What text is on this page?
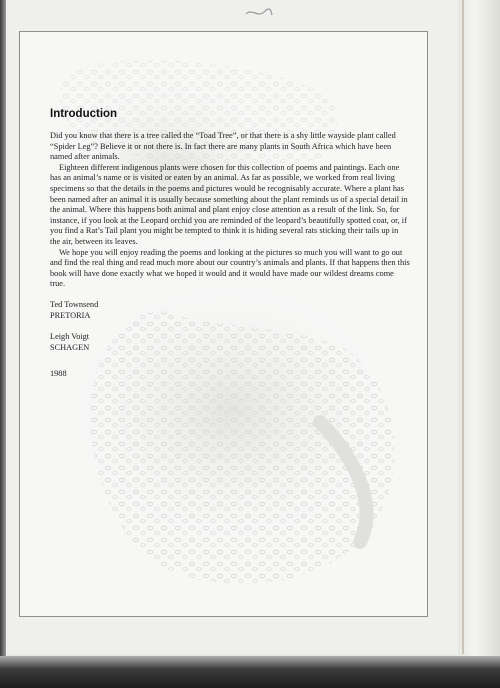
Introduction

Did you know that there is a tree called the “Toad Tree”, or that there is a shy little wayside plant called “Spider Leg”? Believe it or not there is. In fact there are many plants in South Africa which have been named after animals.

Eighteen different indigenous plants were chosen for this collection of poems and paintings. Each one has an animal’s name or is visited or eaten by an animal. As far as possible, we worked from real living specimens so that the details in the poems and pictures would be recognisably accurate. Where a plant has been named after an animal it is usually because something about the plant reminds us of a special detail in the animal. Where this happens both animal and plant enjoy close attention as a result of the link. So, for instance, if you look at the Leopard orchid you are reminded of the leopard’s beautifully spotted coat, or, if you find a Rat’s Tail plant you might be tempted to think it is hiding several rats sticking their tails up in the air, between its leaves.

We hope you will enjoy reading the poems and looking at the pictures so much you will want to go out and find the real thing and read much more about our country’s animals and plants. If that happens then this book will have done exactly what we hoped it would and it would have made our wildest dreams come true.

Ted Townsend

PRETORIA

Leigh Voigt

SCHAGEN

1988
